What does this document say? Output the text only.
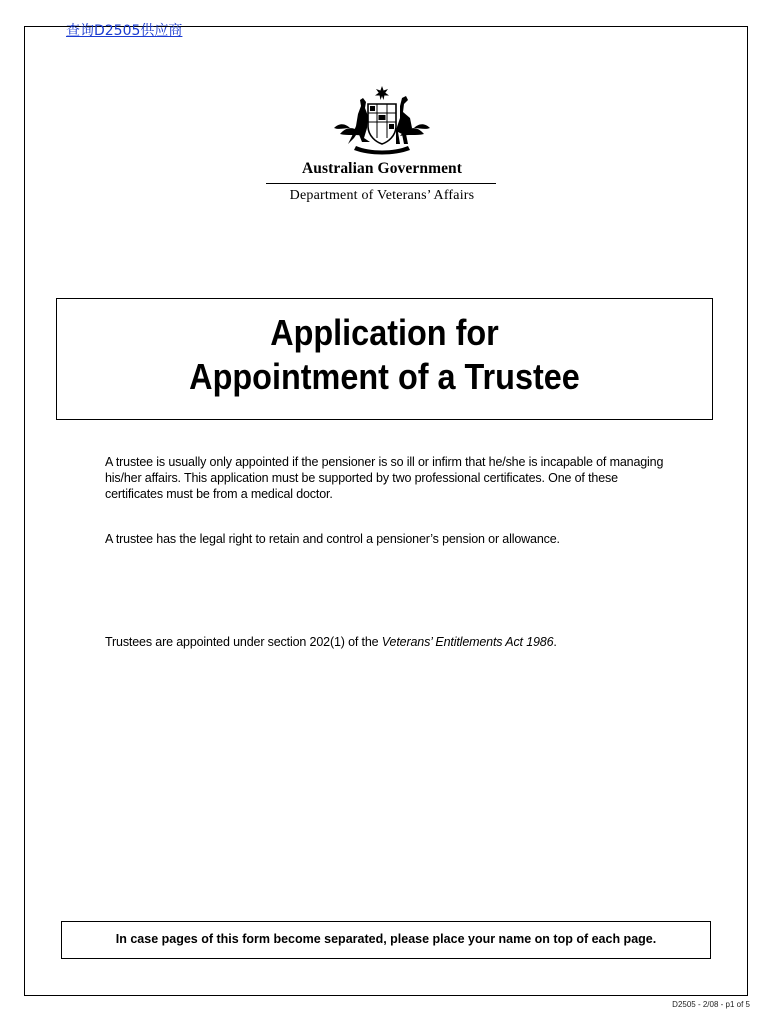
查询D2505供应商
Australian Government
Department of Veterans’ Affairs
Application for
Appointment of a Trustee
A trustee is usually only appointed if the pensioner is so ill or infirm that he/she is incapable of managing his/her affairs. This application must be supported by two professional certificates. One of these certificates must be from a medical doctor.
A trustee has the legal right to retain and control a pensioner’s pension or allowance.
Trustees are appointed under section 202(1) of the Veterans’ Entitlements Act 1986.
In case pages of this form become separated, please place your name on top of each page.
D2505 - 2/08 - p1 of 5
